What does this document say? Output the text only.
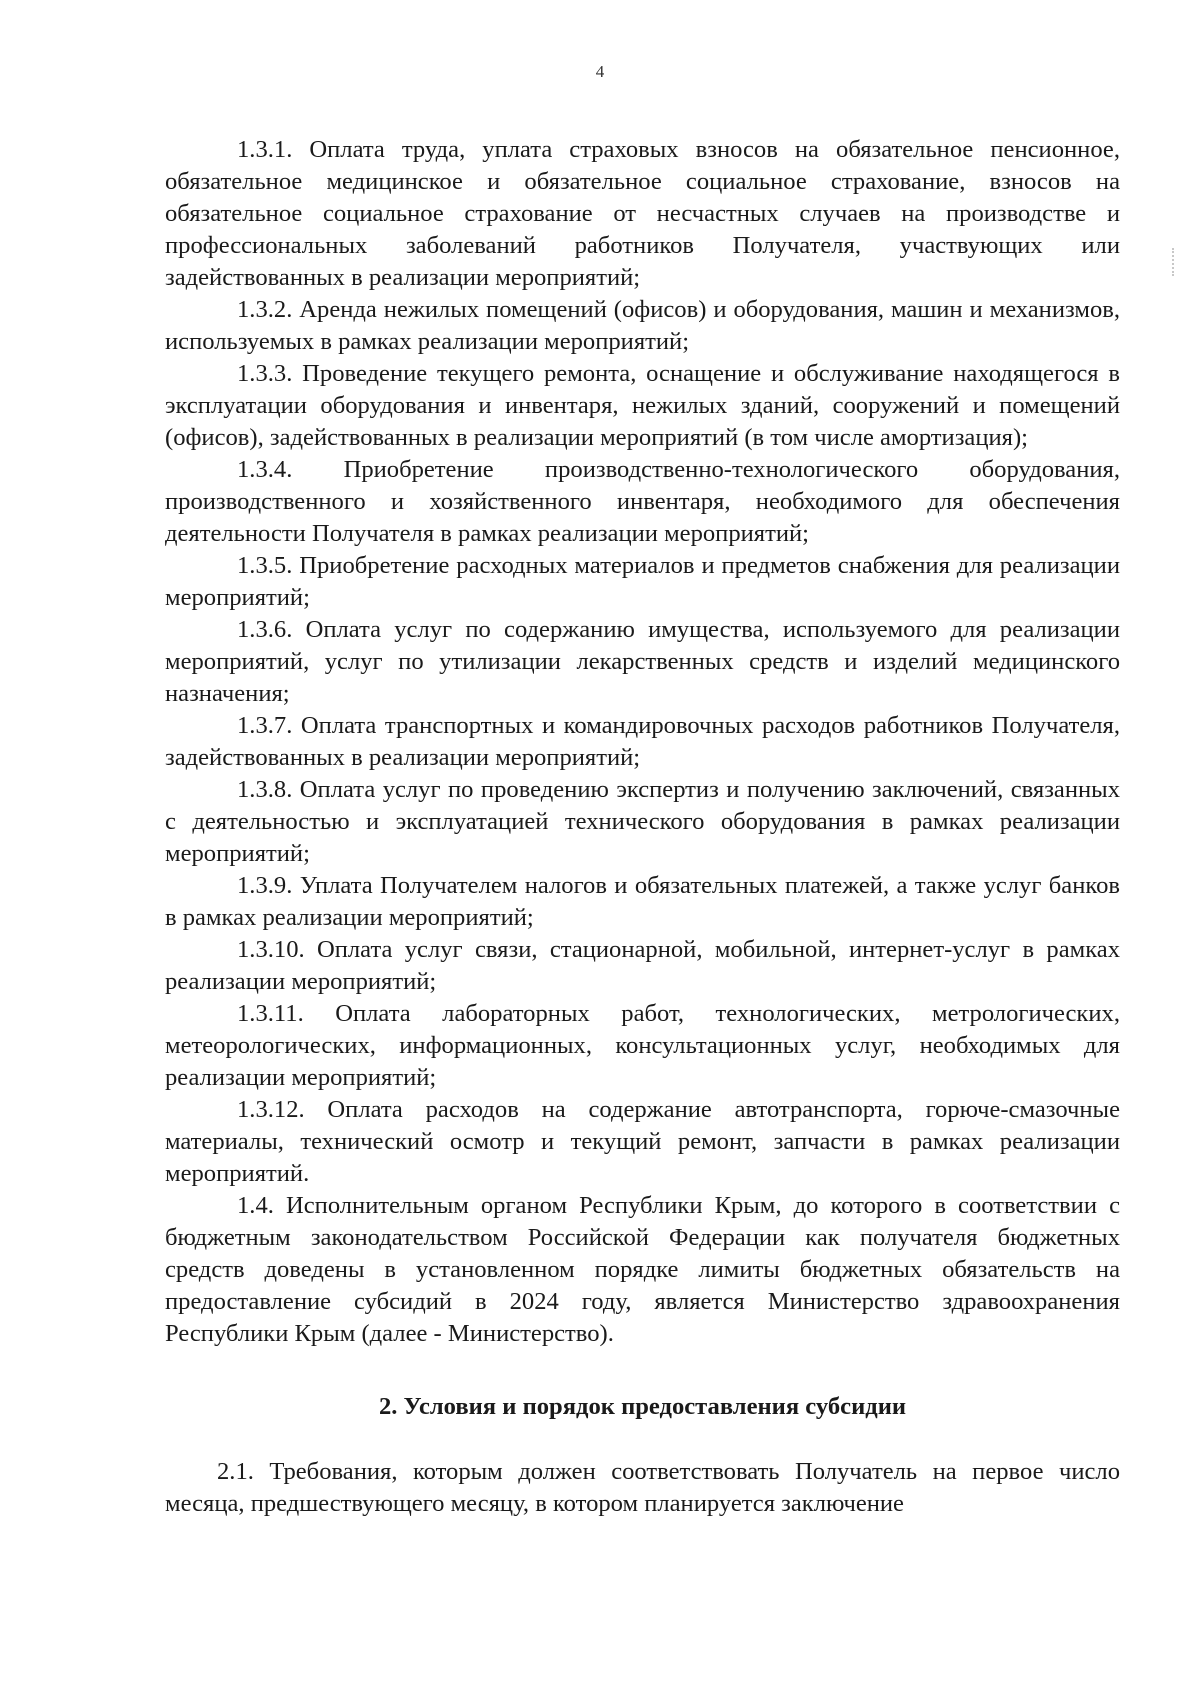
4

1.3.1. Оплата труда, уплата страховых взносов на обязательное пенсионное, обязательное медицинское и обязательное социальное страхование, взносов на обязательное социальное страхование от несчастных случаев на производстве и профессиональных заболеваний работников Получателя, участвующих или задействованных в реализации мероприятий;

1.3.2. Аренда нежилых помещений (офисов) и оборудования, машин и механизмов, используемых в рамках реализации мероприятий;

1.3.3. Проведение текущего ремонта, оснащение и обслуживание находящегося в эксплуатации оборудования и инвентаря, нежилых зданий, сооружений и помещений (офисов), задействованных в реализации мероприятий (в том числе амортизация);

1.3.4. Приобретение производственно-технологического оборудования, производственного и хозяйственного инвентаря, необходимого для обеспечения деятельности Получателя в рамках реализации мероприятий;

1.3.5. Приобретение расходных материалов и предметов снабжения для реализации мероприятий;

1.3.6. Оплата услуг по содержанию имущества, используемого для реализации мероприятий, услуг по утилизации лекарственных средств и изделий медицинского назначения;

1.3.7. Оплата транспортных и командировочных расходов работников Получателя, задействованных в реализации мероприятий;

1.3.8. Оплата услуг по проведению экспертиз и получению заключений, связанных с деятельностью и эксплуатацией технического оборудования в рамках реализации мероприятий;

1.3.9. Уплата Получателем налогов и обязательных платежей, а также услуг банков в рамках реализации мероприятий;

1.3.10. Оплата услуг связи, стационарной, мобильной, интернет-услуг в рамках реализации мероприятий;

1.3.11. Оплата лабораторных работ, технологических, метрологических, метеорологических, информационных, консультационных услуг, необходимых для реализации мероприятий;

1.3.12. Оплата расходов на содержание автотранспорта, горюче-смазочные материалы, технический осмотр и текущий ремонт, запчасти в рамках реализации мероприятий.

1.4. Исполнительным органом Республики Крым, до которого в соответствии с бюджетным законодательством Российской Федерации как получателя бюджетных средств доведены в установленном порядке лимиты бюджетных обязательств на предоставление субсидий в 2024 году, является Министерство здравоохранения Республики Крым (далее - Министерство).

2. Условия и порядок предоставления субсидии

2.1. Требования, которым должен соответствовать Получатель на первое число месяца, предшествующего месяцу, в котором планируется заключение
